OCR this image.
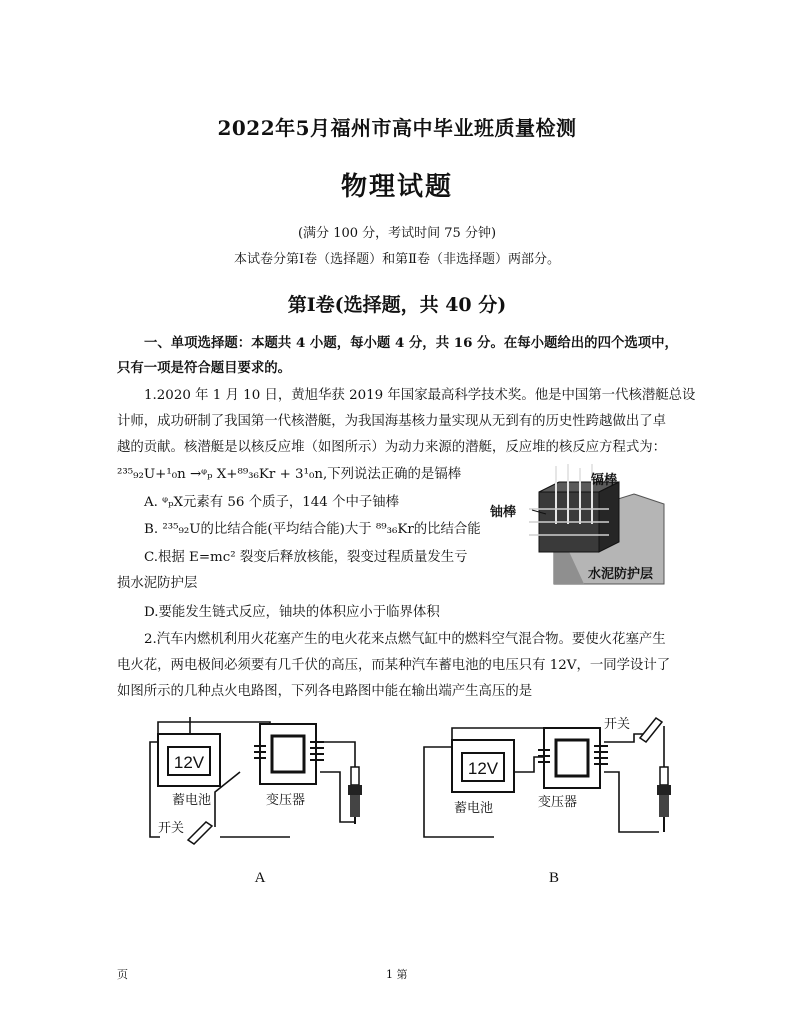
2022年5月福州市高中毕业班质量检测
物理试题
(满分 100 分，考试时间 75 分钟)
本试卷分第Ⅰ卷（选择题）和第Ⅱ卷（非选择题）两部分。
第Ⅰ卷(选择题，共 40 分)
一、单项选择题：本题共 4 小题，每小题 4 分，共 16 分。在每小题给出的四个选项中，
只有一项是符合题目要求的。
1.2020 年 1 月 10 日，黄旭华获 2019 年国家最高科学技术奖。他是中国第一代核潜艇总设
计师，成功研制了我国第一代核潜艇，为我国海基核力量实现从无到有的历史性跨越做出了卓
越的贡献。核潜艇是以核反应堆（如图所示）为动力来源的潜艇，反应堆的核反应方程式为：
²³⁵₉₂U+¹₀n →ᵠₚ X+⁸⁹₃₆Kr + 3¹₀n,下列说法正确的是镉棒
A. ᵠₚX元素有 56 个质子，144 个中子铀棒
B. ²³⁵₉₂U的比结合能(平均结合能)大于 ⁸⁹₃₆Kr的比结合能
C.根据 E=mc² 裂变后释放核能，裂变过程质量发生亏
损水泥防护层
D.要能发生链式反应，铀块的体积应小于临界体积
镉棒
铀棒
水泥防护层
2.汽车内燃机利用火花塞产生的电火花来点燃气缸中的燃料空气混合物。要使火花塞产生
电火花，两电极间必须要有几千伏的高压，而某种汽车蓄电池的电压只有 12V，一同学设计了
如图所示的几种点火电路图，下列各电路图中能在输出端产生高压的是
12V
蓄电池	变压器
开关
A
12V
蓄电池	变压器
开关
B
页	1 第
